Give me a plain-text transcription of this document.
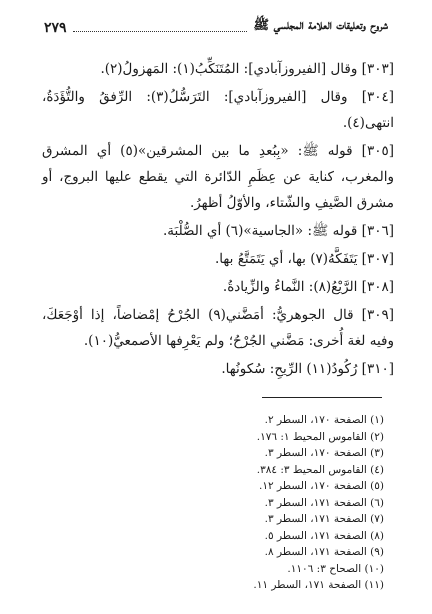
شروح وتعليقات العلامة المجلسي ﷺ
٢٧٩

[٣٠٣] وقال [الفيروزآبادي]: المُتَنَكِّبُ(١): المَهزولُ(٢).

[٣٠٤] وقال [الفيروزآبادي]: التَرَسُّلُ(٣): الرِّفقُ والتُّؤَدَةُ، انتهى(٤).

[٣٠٥] قوله ﷺ: «بِبُعدِ ما بين المشرقين»(٥) أي المشرق والمغرب، كناية عن عِظَمِ الدّائرة التي يقطع عليها البروج، أو مشرق الصَّيفِ والشّتاء، والأوّلُ أظهرُ.

[٣٠٦] قوله ﷺ: «الجاسية»(٦) أي الصُّلْبَة.

[٣٠٧] يَتَفَكَّهُ(٧) بها، أي يَتَمَتَّعُ بها.

[٣٠٨] الرَّيْعُ(٨): النَّماءُ والزِّيادةُ.

[٣٠٩] قال الجوهريُّ: أمَضَّني(٩) الجُرْحُ إمْضاضاً، إذا أوْجَعَكَ، وفيه لغة أُخرى: مَضَّني الجُرْحُ؛ ولم يَعْرِفها الأصمعيُّ(١٠).

[٣١٠] رُكُودُ(١١) الرِّيحِ: سُكونُها.

(١) الصفحة ١٧٠، السطر ٢.
(٢) القاموس المحيط ١: ١٧٦.
(٣) الصفحة ١٧٠، السطر ٣.
(٤) القاموس المحيط ٣: ٣٨٤.
(٥) الصفحة ١٧٠، السطر ١٢.
(٦) الصفحة ١٧١، السطر ٣.
(٧) الصفحة ١٧١، السطر ٣.
(٨) الصفحة ١٧١، السطر ٥.
(٩) الصفحة ١٧١، السطر ٨.
(١٠) الصحاح ٣: ١١٠٦.
(١١) الصفحة ١٧١، السطر ١١.
